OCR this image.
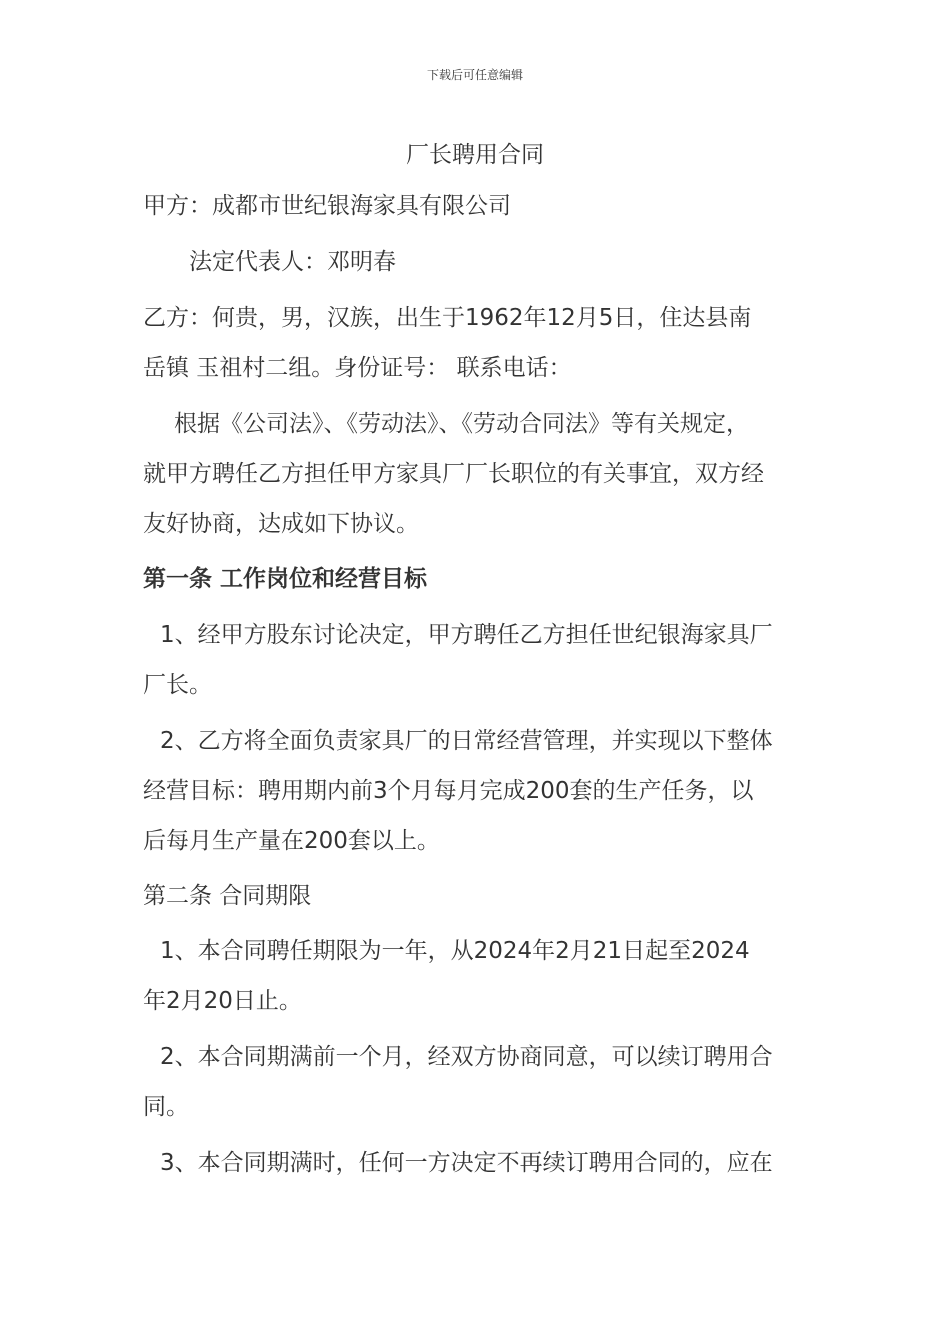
下载后可任意编辑
厂长聘用合同
甲方：成都市世纪银海家具有限公司
法定代表人：邓明春
乙方：何贵，男，汉族，出生于1962年12月5日，住达县南
岳镇 玉祖村二组。身份证号： 联系电话：
根据《公司法》、《劳动法》、《劳动合同法》等有关规定，
就甲方聘任乙方担任甲方家具厂厂长职位的有关事宜，双方经
友好协商，达成如下协议。
第一条 工作岗位和经营目标
1、经甲方股东讨论决定，甲方聘任乙方担任世纪银海家具厂
厂长。
2、乙方将全面负责家具厂的日常经营管理，并实现以下整体
经营目标：聘用期内前3个月每月完成200套的生产任务，以
后每月生产量在200套以上。
第二条 合同期限
1、本合同聘任期限为一年，从2024年2月21日起至2024
年2月20日止。
2、本合同期满前一个月，经双方协商同意，可以续订聘用合
同。
3、本合同期满时，任何一方决定不再续订聘用合同的，应在
